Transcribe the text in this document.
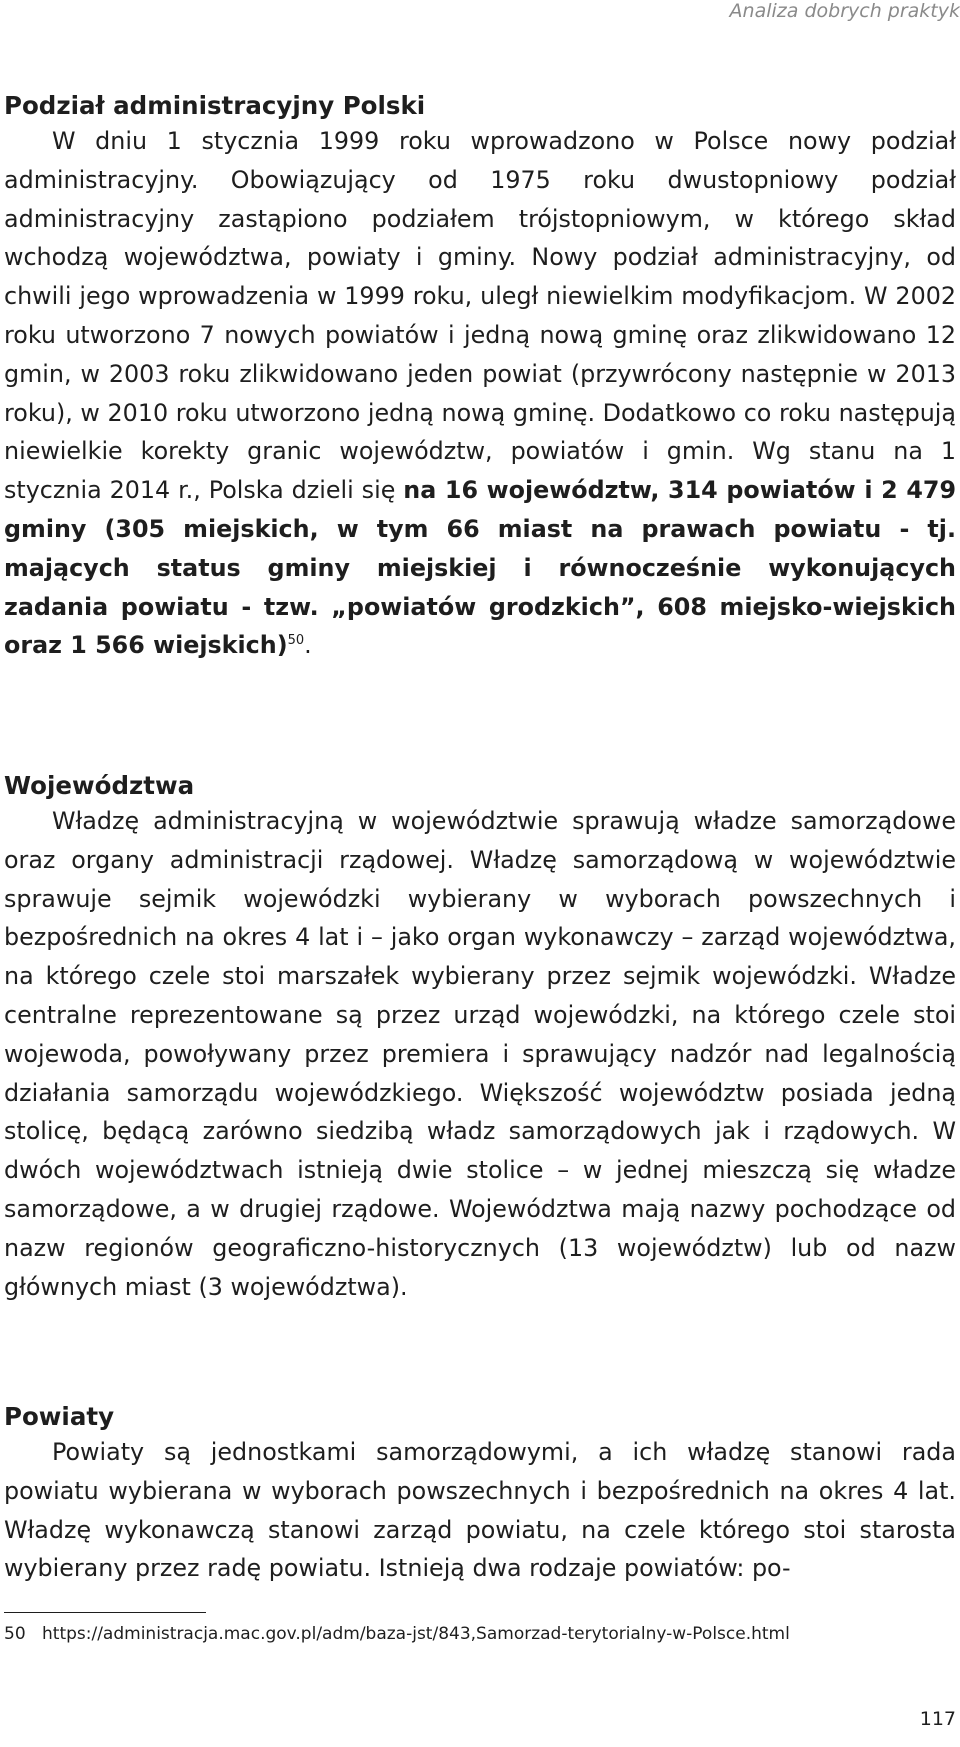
Analiza dobrych praktyk
Podział administracyjny Polski

W dniu 1 stycznia 1999 roku wprowadzono w Polsce nowy podział administracyjny. Obowiązujący od 1975 roku dwustopniowy podział administracyjny zastąpiono podziałem trójstopniowym, w którego skład wchodzą województwa, powiaty i gminy. Nowy podział administracyjny, od chwili jego wprowadzenia w 1999 roku, uległ niewielkim modyfikacjom. W 2002 roku utworzono 7 nowych powiatów i jedną nową gminę oraz zlikwidowano 12 gmin, w 2003 roku zlikwidowano jeden powiat (przywrócony następnie w 2013 roku), w 2010 roku utworzono jedną nową gminę. Dodatkowo co roku następują niewielkie korekty granic województw, powiatów i gmin. Wg stanu na 1 stycznia 2014 r., Polska dzieli się na 16 województw, 314 powiatów i 2 479 gminy (305 miejskich, w tym 66 miast na prawach powiatu - tj. mających status gminy miejskiej i równocześnie wykonujących zadania powiatu - tzw. „powiatów grodzkich”, 608 miejsko-wiejskich oraz 1 566 wiejskich)$^{50}$.

Województwa

Władzę administracyjną w województwie sprawują władze samorządowe oraz organy administracji rządowej. Władzę samorządową w województwie sprawuje sejmik wojewódzki wybierany w wyborach powszechnych i bezpośrednich na okres 4 lat i – jako organ wykonawczy – zarząd województwa, na którego czele stoi marszałek wybierany przez sejmik wojewódzki. Władze centralne reprezentowane są przez urząd wojewódzki, na którego czele stoi wojewoda, powoływany przez premiera i sprawujący nadzór nad legalnością działania samorządu wojewódzkiego. Większość województw posiada jedną stolicę, będącą zarówno siedzibą władz samorządowych jak i rządowych. W dwóch województwach istnieją dwie stolice – w jednej mieszczą się władze samorządowe, a w drugiej rządowe. Województwa mają nazwy pochodzące od nazw regionów geograficzno-historycznych (13 województw) lub od nazw głównych miast (3 województwa).

Powiaty

Powiaty są jednostkami samorządowymi, a ich władzę stanowi rada powiatu wybierana w wyborach powszechnych i bezpośrednich na okres 4 lat. Władzę wykonawczą stanowi zarząd powiatu, na czele którego stoi starosta wybierany przez radę powiatu. Istnieją dwa rodzaje powiatów: po-

50 https://administracja.mac.gov.pl/adm/baza-jst/843,Samorzad-terytorialny-w-Polsce.html
117
